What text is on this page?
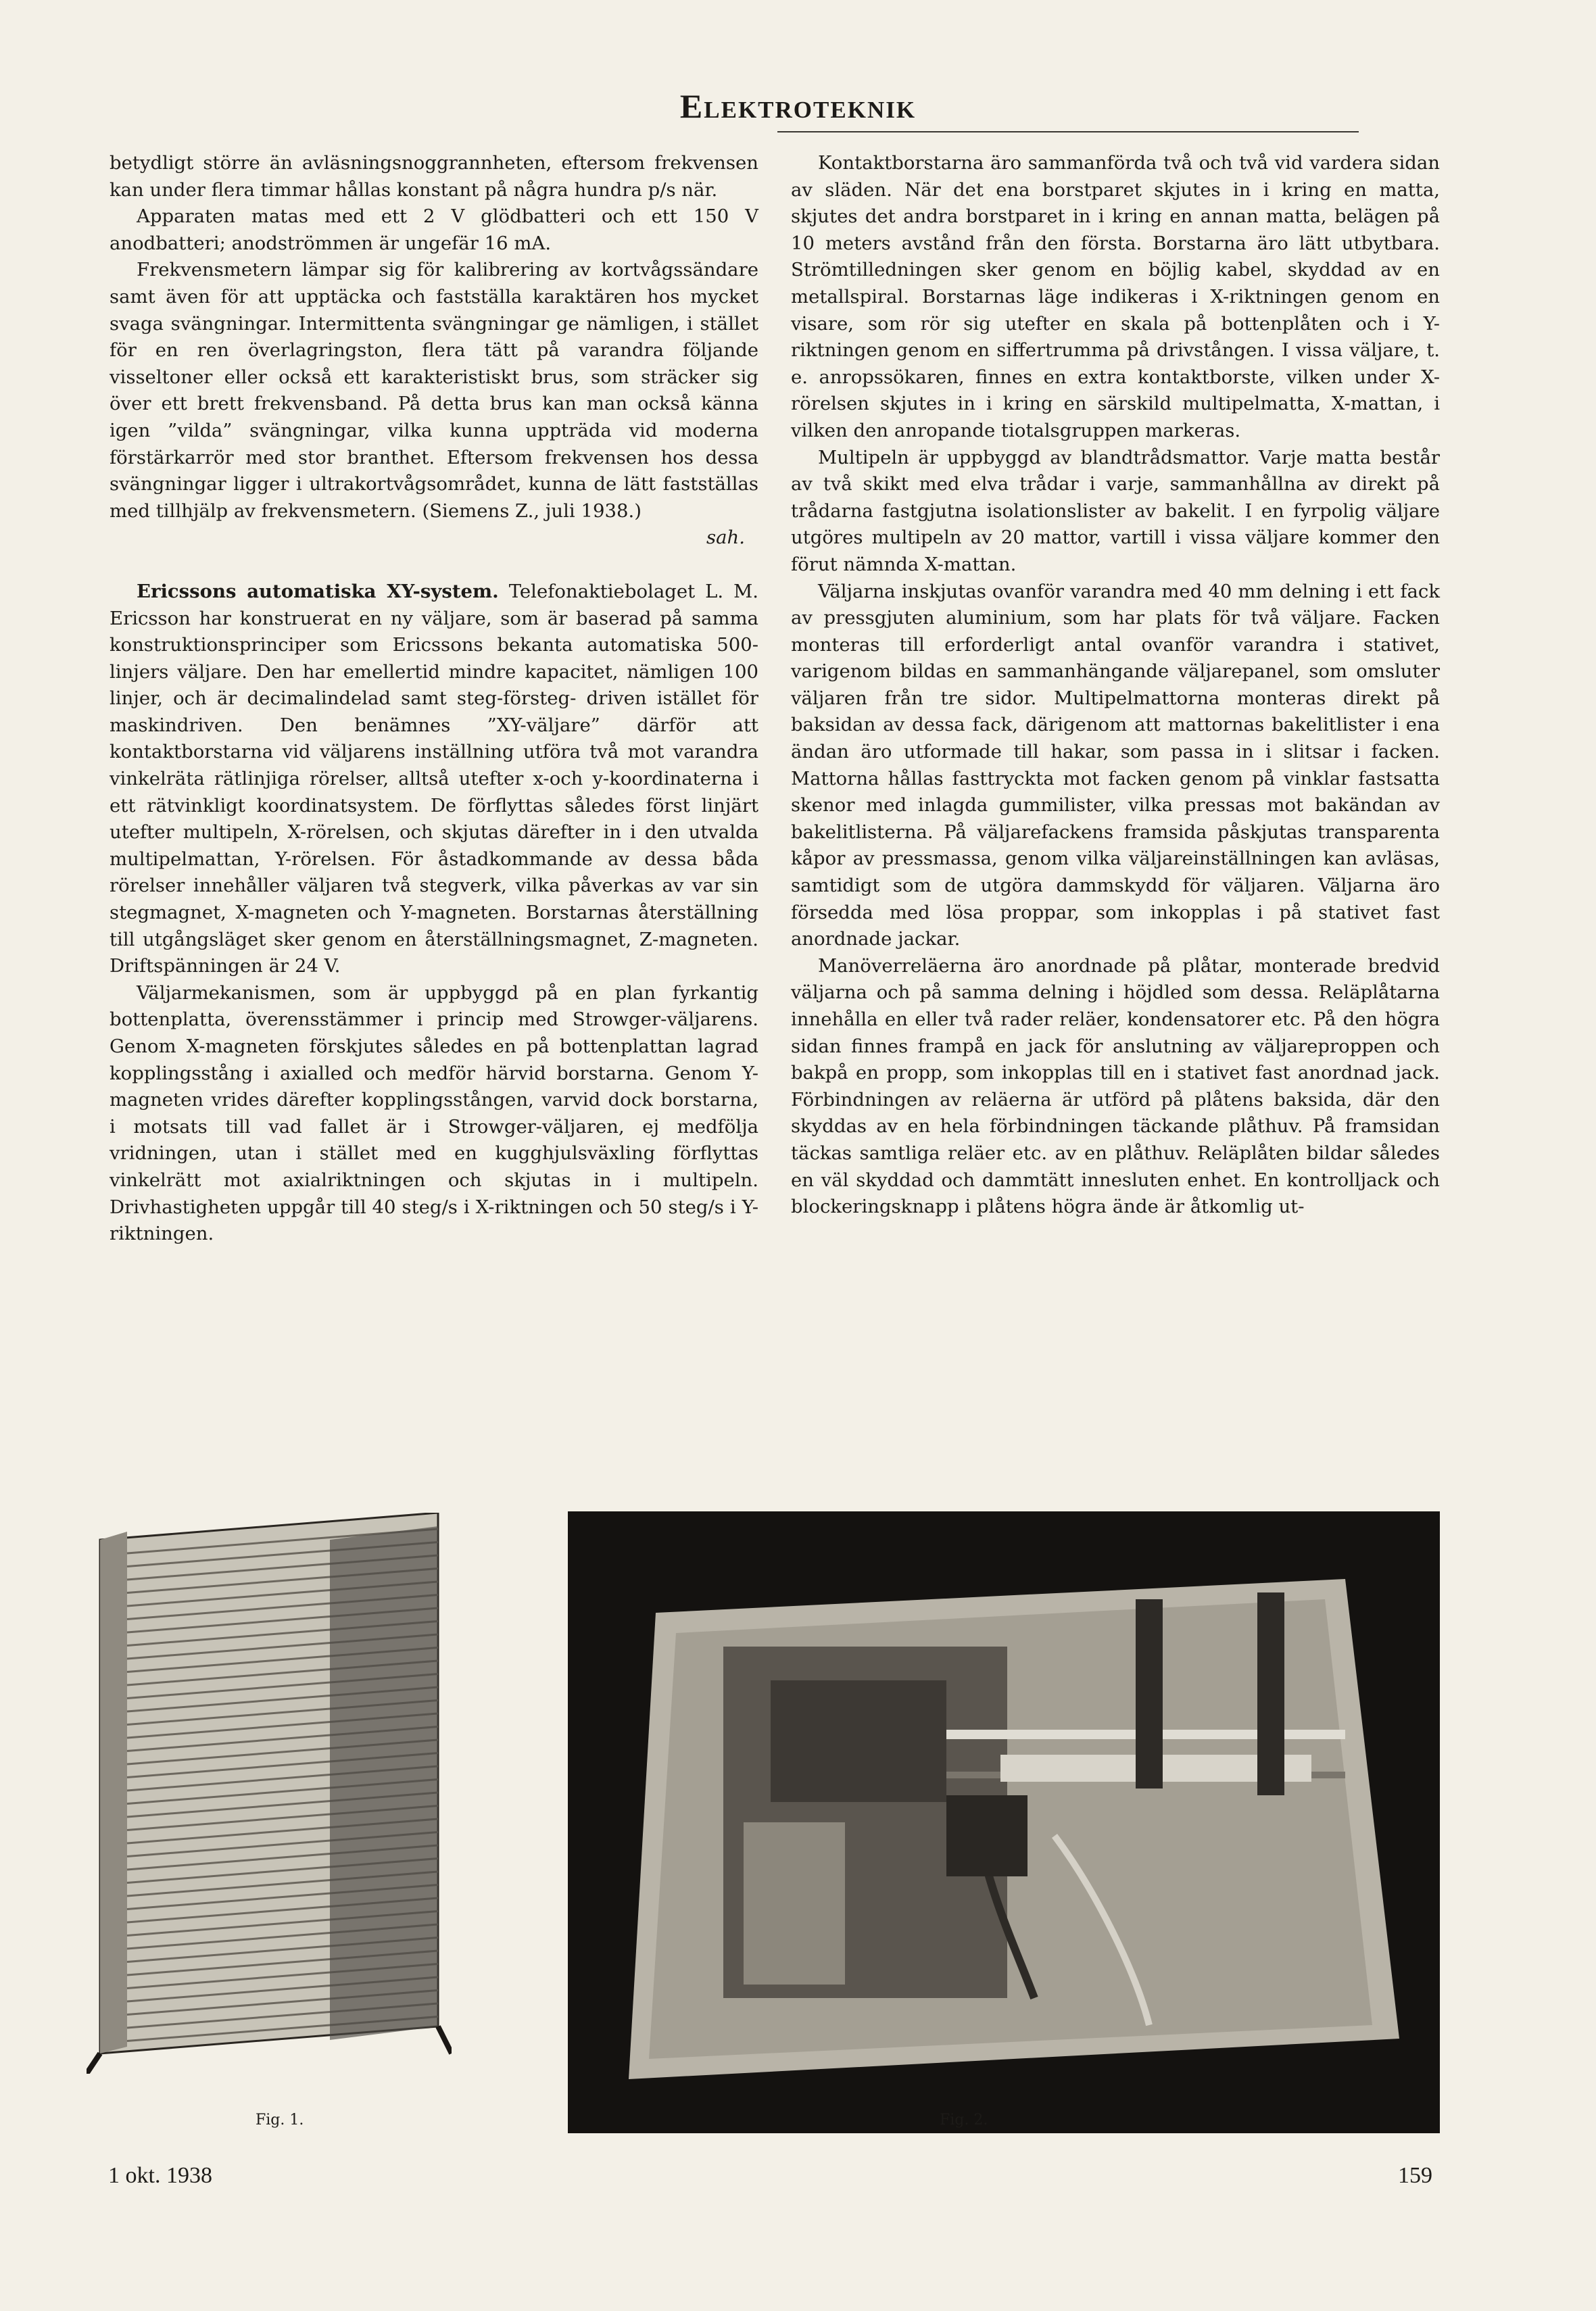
Elektroteknik

betydligt större än avläsningsnoggrannheten, eftersom frekvensen kan under flera timmar hållas konstant på några hundra p/s när.

Apparaten matas med ett 2 V glödbatteri och ett 150 V anodbatteri; anodströmmen är ungefär 16 mA.

Frekvensmetern lämpar sig för kalibrering av kortvågssändare samt även för att upptäcka och fastställa karaktären hos mycket svaga svängningar. Intermittenta svängningar ge nämligen, i stället för en ren överlagringston, flera tätt på varandra följande visseltoner eller också ett karakteristiskt brus, som sträcker sig över ett brett frekvensband. På detta brus kan man också känna igen ”vilda” svängningar, vilka kunna uppträda vid moderna förstärkarrör med stor branthet. Eftersom frekvensen hos dessa svängningar ligger i ultrakortvågsområdet, kunna de lätt fastställas med tillhjälp av frekvensmetern. (Siemens Z., juli 1938.)

sah.

Ericssons automatiska XY-system. Telefonaktiebolaget L. M. Ericsson har konstruerat en ny väljare, som är baserad på samma konstruktionsprinciper som Ericssons bekanta automatiska 500-linjers väljare. Den har emellertid mindre kapacitet, nämligen 100 linjer, och är decimalindelad samt steg-försteg- driven istället för maskindriven. Den benämnes ”XY-väljare” därför att kontaktborstarna vid väljarens inställning utföra två mot varandra vinkelräta rätlinjiga rörelser, alltså utefter x-och y-koordinaterna i ett rätvinkligt koordinatsystem. De förflyttas således först linjärt utefter multipeln, X-rörelsen, och skjutas därefter in i den utvalda multipelmattan, Y-rörelsen. För åstadkommande av dessa båda rörelser innehåller väljaren två stegverk, vilka påverkas av var sin stegmagnet, X-magneten och Y-magneten. Borstarnas återställning till utgångsläget sker genom en återställningsmagnet, Z-magneten. Driftspänningen är 24 V.

Väljarmekanismen, som är uppbyggd på en plan fyrkantig bottenplatta, överensstämmer i princip med Strowger-väljarens. Genom X-magneten förskjutes således en på bottenplattan lagrad kopplingsstång i axialled och medför härvid borstarna. Genom Y-magneten vrides därefter kopplingsstången, varvid dock borstarna, i motsats till vad fallet är i Strowger-väljaren, ej medfölja vridningen, utan i stället med en kugghjulsväxling förflyttas vinkelrätt mot axialriktningen och skjutas in i multipeln. Drivhastigheten uppgår till 40 steg/s i X-riktningen och 50 steg/s i Y-riktningen.

Kontaktborstarna äro sammanförda två och två vid vardera sidan av släden. När det ena borstparet skjutes in i kring en matta, skjutes det andra borstparet in i kring en annan matta, belägen på 10 meters avstånd från den första. Borstarna äro lätt utbytbara. Strömtilledningen sker genom en böjlig kabel, skyddad av en metallspiral. Borstarnas läge indikeras i X-riktningen genom en visare, som rör sig utefter en skala på bottenplåten och i Y-riktningen genom en siffertrumma på drivstången. I vissa väljare, t. e. anropssökaren, finnes en extra kontaktborste, vilken under X-rörelsen skjutes in i kring en särskild multipelmatta, X-mattan, i vilken den anropande tiotalsgruppen markeras.

Multipeln är uppbyggd av blandtrådsmattor. Varje matta består av två skikt med elva trådar i varje, sammanhållna av direkt på trådarna fastgjutna isolationslister av bakelit. I en fyrpolig väljare utgöres multipeln av 20 mattor, vartill i vissa väljare kommer den förut nämnda X-mattan.

Väljarna inskjutas ovanför varandra med 40 mm delning i ett fack av pressgjuten aluminium, som har plats för två väljare. Facken monteras till erforderligt antal ovanför varandra i stativet, varigenom bildas en sammanhängande väljarepanel, som omsluter väljaren från tre sidor. Multipelmattorna monteras direkt på baksidan av dessa fack, därigenom att mattornas bakelitlister i ena ändan äro utformade till hakar, som passa in i slitsar i facken. Mattorna hållas fasttryckta mot facken genom på vinklar fastsatta skenor med inlagda gummilister, vilka pressas mot bakändan av bakelitlisterna. På väljarefackens framsida påskjutas transparenta kåpor av pressmassa, genom vilka väljareinställningen kan avläsas, samtidigt som de utgöra dammskydd för väljaren. Väljarna äro försedda med lösa proppar, som inkopplas i på stativet fast anordnade jackar.

Manöverreläerna äro anordnade på plåtar, monterade bredvid väljarna och på samma delning i höjdled som dessa. Reläplåtarna innehålla en eller två rader reläer, kondensatorer etc. På den högra sidan finnes frampå en jack för anslutning av väljareproppen och bakpå en propp, som inkopplas till en i stativet fast anordnad jack. Förbindningen av reläerna är utförd på plåtens baksida, där den skyddas av en hela förbindningen täckande plåthuv. På framsidan täckas samtliga reläer etc. av en plåthuv. Reläplåten bildar således en väl skyddad och dammtätt innesluten enhet. En kontrolljack och blockeringsknapp i plåtens högra ände är åtkomlig ut-

Fig. 1.	Fig. 2.
1 okt. 1938	159
